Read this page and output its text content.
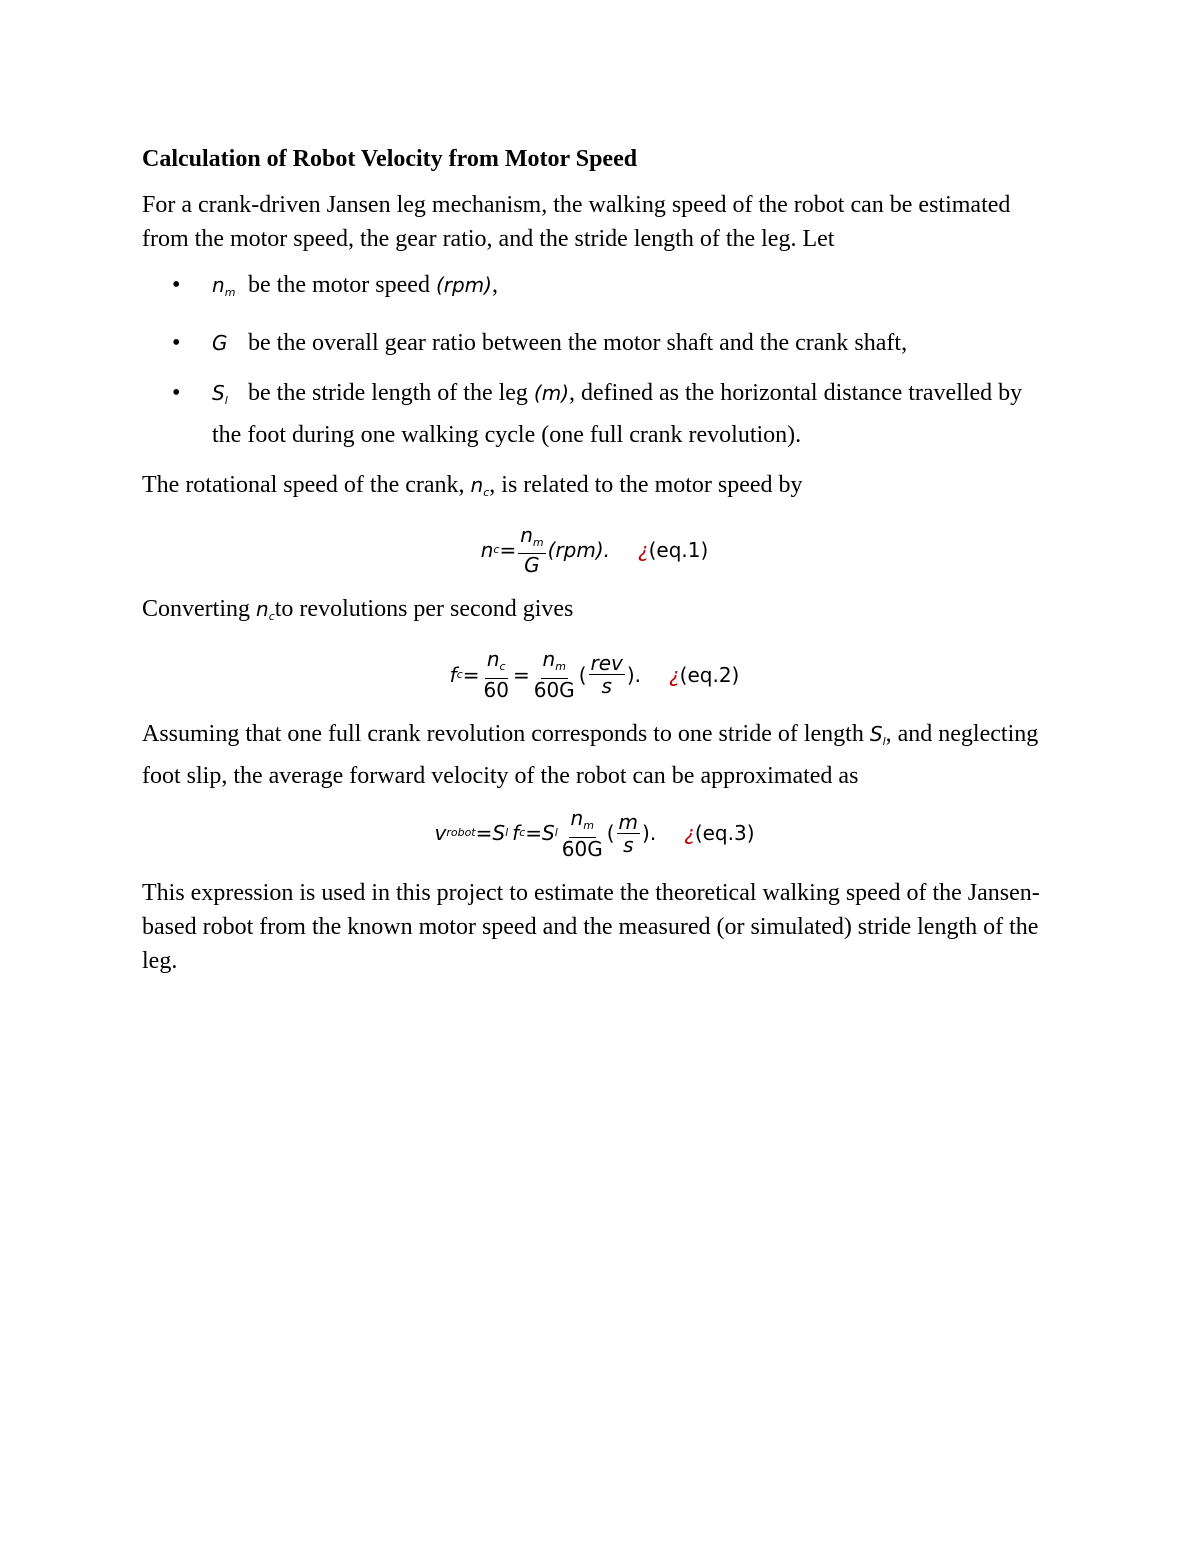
Calculation of Robot Velocity from Motor Speed

For a crank-driven Jansen leg mechanism, the walking speed of the robot can be estimated from the motor speed, the gear ratio, and the stride length of the leg. Let

• $n_m$ be the motor speed (rpm),
• G be the overall gear ratio between the motor shaft and the crank shaft,
• $S_l$ be the stride length of the leg (m), defined as the horizontal distance travelled by the foot during one walking cycle (one full crank revolution).

The rotational speed of the crank, $n_c$, is related to the motor speed by

n $c = \frac{n_m}{G} (rpm)$. ¿(eq.1)

Converting $n_cto$ revolutions per second gives

f $c = \frac{n_c}{60} = \frac{n_m}{60G}$ ( $\frac{\text{rev}}{s}$ ). ¿(eq.2)

Assuming that one full crank revolution corresponds to one stride of length $S_l$, and neglecting foot slip, the average forward velocity of the robot can be approximated as

v robot = S l
  f c = S l $\frac{n_m}{60G}$ ( $\frac{m}{s}$ ). ¿(eq.3)

This expression is used in this project to estimate the theoretical walking speed of the Jansen-based robot from the known motor speed and the measured (or simulated) stride length of the leg.
